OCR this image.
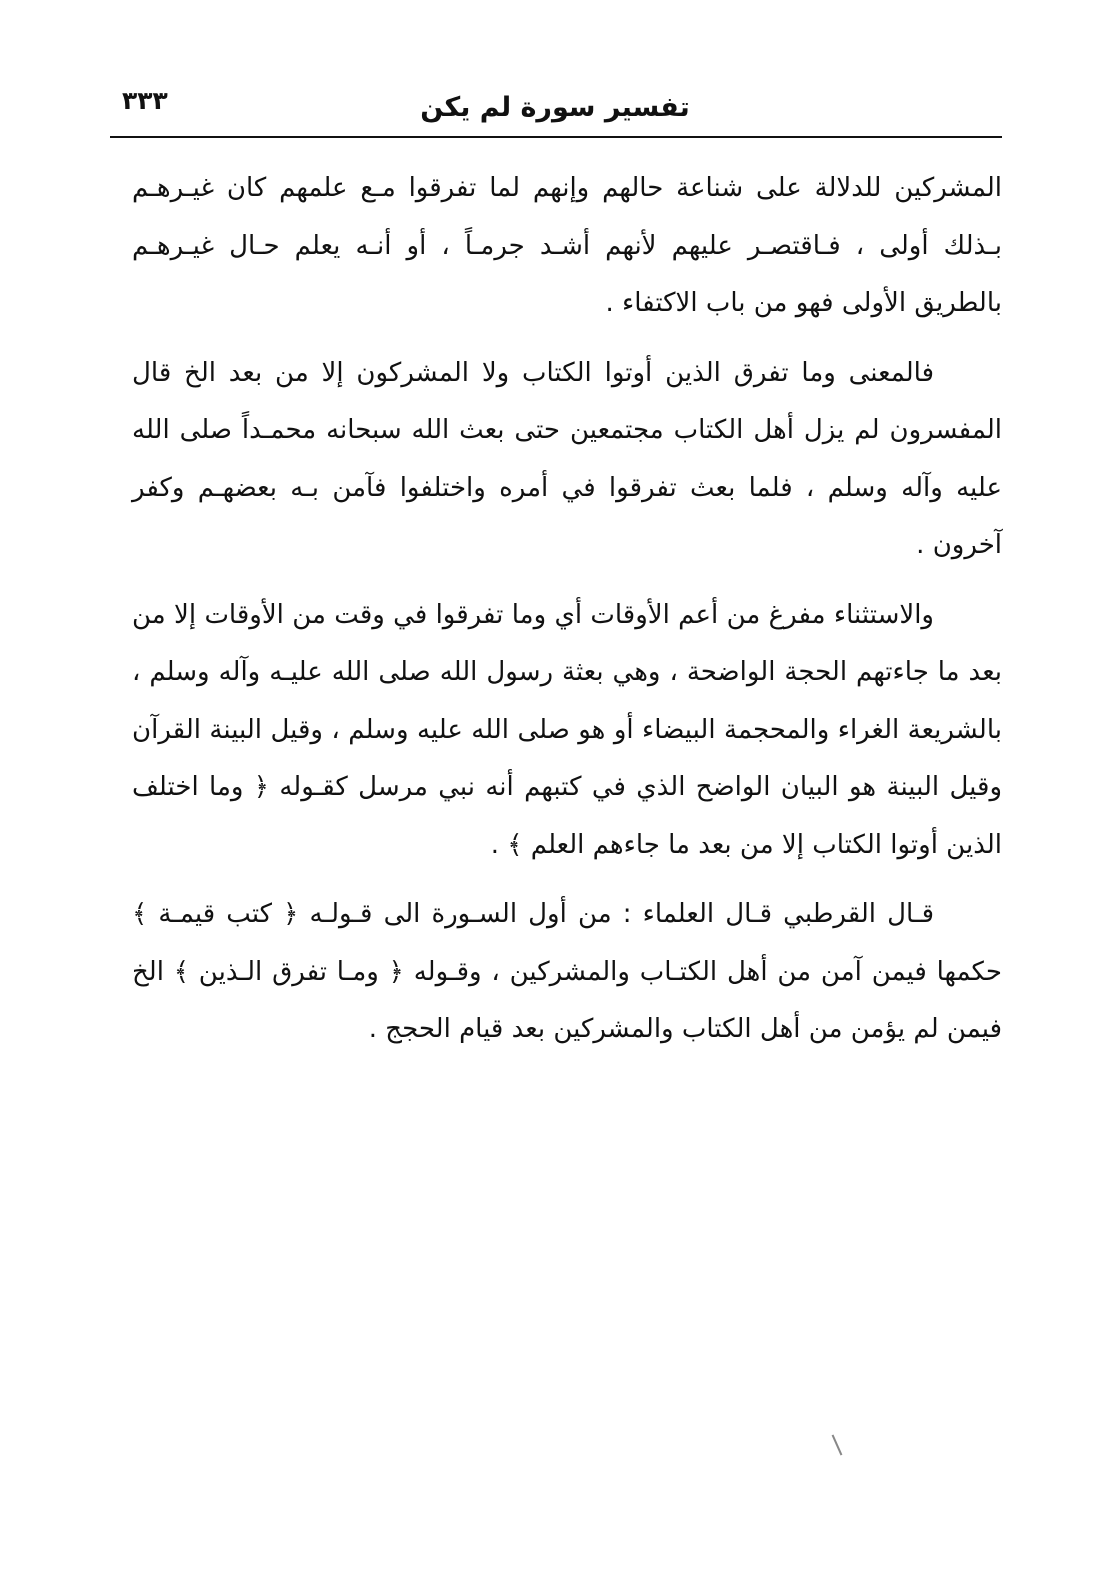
٣٣٣	تفسير سورة لم يكن

المشركين للدلالة على شناعة حالهم وإنهم لما تفرقوا مـع علمهم كان غيـرهـم بـذلك أولى ، فـاقتصـر عليهم لأنهم أشـد جرمـاً ، أو أنـه يعلم حـال غيـرهـم بالطريق الأولى فهو من باب الاكتفاء .

فالمعنى وما تفرق الذين أوتوا الكتاب ولا المشركون إلا من بعد الخ قال المفسرون لم يزل أهل الكتاب مجتمعين حتى بعث الله سبحانه محمـداً صلى الله عليه وآله وسلم ، فلما بعث تفرقوا في أمره واختلفوا فآمن بـه بعضهـم وكفر آخرون .

والاستثناء مفرغ من أعم الأوقات أي وما تفرقوا في وقت من الأوقات إلا من بعد ما جاءتهم الحجة الواضحة ، وهي بعثة رسول الله صلى الله عليـه وآله وسلم ، بالشريعة الغراء والمحجمة البيضاء أو هو صلى الله عليه وسلم ، وقيل البينة القرآن وقيل البينة هو البيان الواضح الذي في كتبهم أنه نبي مرسل كقـوله ﴿ وما اختلف الذين أوتوا الكتاب إلا من بعد ما جاءهم العلم ﴾ .

قـال القرطبي قـال العلماء : من أول السـورة الى قـولـه ﴿ كتب قيمـة ﴾ حكمها فيمن آمن من أهل الكتـاب والمشركين ، وقـوله ﴿ ومـا تفرق الـذين ﴾ الخ فيمن لم يؤمن من أهل الكتاب والمشركين بعد قيام الحجج .
